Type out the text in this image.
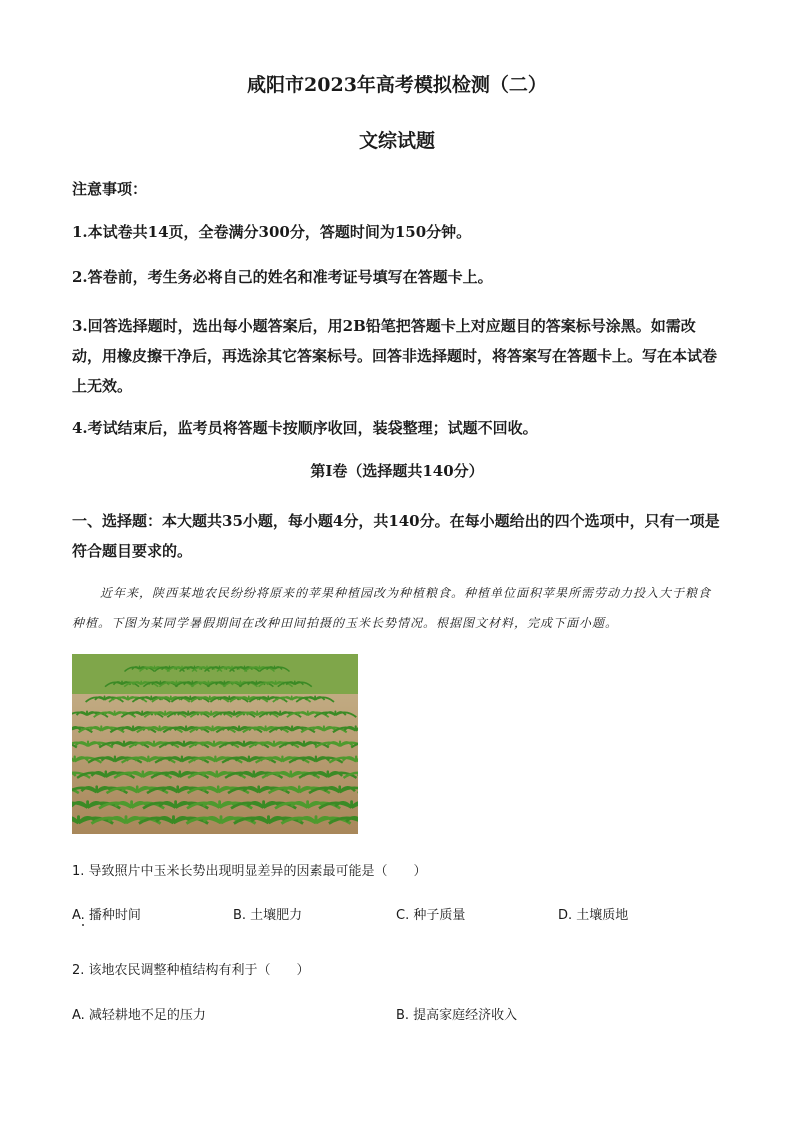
咸阳市2023年高考模拟检测（二）
文综试题
注意事项：
1.本试卷共14页，全卷满分300分，答题时间为150分钟。
2.答卷前，考生务必将自己的姓名和准考证号填写在答题卡上。
3.回答选择题时，选出每小题答案后，用2B铅笔把答题卡上对应题目的答案标号涂黑。如需改动，用橡皮擦干净后，再选涂其它答案标号。回答非选择题时，将答案写在答题卡上。写在本试卷上无效。
4.考试结束后，监考员将答题卡按顺序收回，装袋整理；试题不回收。
第Ⅰ卷（选择题共140分）
一、选择题：本大题共35小题，每小题4分，共140分。在每小题给出的四个选项中，只有一项是符合题目要求的。
近年来，陕西某地农民纷纷将原来的苹果种植园改为种植粮食。种植单位面积苹果所需劳动力投入大于粮食种植。下图为某同学暑假期间在改种田间拍摄的玉米长势情况。根据图文材料，完成下面小题。
1. 导致照片中玉米长势出现明显差异的因素最可能是（　　）
A. 播种时间	B. 土壤肥力	C. 种子质量	D. 土壤质地
2. 该地农民调整种植结构有利于（　　）
A. 减轻耕地不足的压力	B. 提高家庭经济收入
